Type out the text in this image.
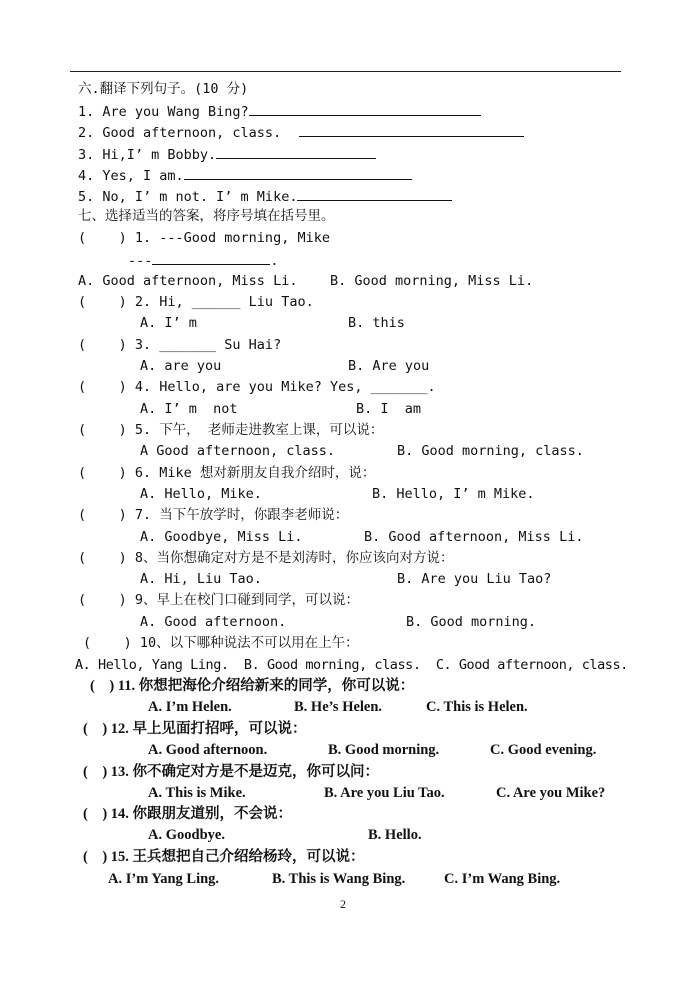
六.翻译下列句子。(10 分)
1. Are you Wang Bing?
2. Good afternoon, class.
3. Hi,I’ m Bobby.
4. Yes, I am.
5. No, I’ m not. I’ m Mike.
七、选择适当的答案，将序号填在括号里。
(    ) 1. ---Good morning, Mike
---	.
A. Good afternoon, Miss Li. B. Good morning, Miss Li.
(    ) 2. Hi, ______ Liu Tao.
A. I’ m	B. this
(    ) 3. _______ Su Hai?
A. are you	B. Are you
(    ) 4. Hello, are you Mike? Yes, _______.
A. I’ m  not	B. I  am
(    ) 5. 下午， 老师走进教室上课，可以说：
A Good afternoon, class.	B. Good morning, class.
(    ) 6. Mike 想对新朋友自我介绍时，说：
A. Hello, Mike.	B. Hello, I’ m Mike.
(    ) 7. 当下午放学时，你跟李老师说：
A. Goodbye, Miss Li.	B. Good afternoon, Miss Li.
(    ) 8、当你想确定对方是不是刘涛时，你应该向对方说：
A. Hi, Liu Tao.	B. Are you Liu Tao?
(    ) 9、早上在校门口碰到同学，可以说：
A. Good afternoon.	B. Good morning.
(    ) 10、以下哪种说法不可以用在上午：
A. Hello, Yang Ling.  B. Good morning, class.  C. Good afternoon, class.
(    ) 11. 你想把海伦介绍给新来的同学，你可以说：
A. I’m Helen.	B. He’s Helen.	C. This is Helen.
(    ) 12. 早上见面打招呼，可以说：
A. Good afternoon.	B. Good morning.	C. Good evening.
(    ) 13. 你不确定对方是不是迈克，你可以问：
A. This is Mike.	B. Are you Liu Tao.	C. Are you Mike?
(    ) 14. 你跟朋友道别，不会说：
A. Goodbye.	B. Hello.
(    ) 15. 王兵想把自己介绍给杨玲，可以说：
A. I’m Yang Ling.	B. This is Wang Bing.	C. I’m Wang Bing.
2
